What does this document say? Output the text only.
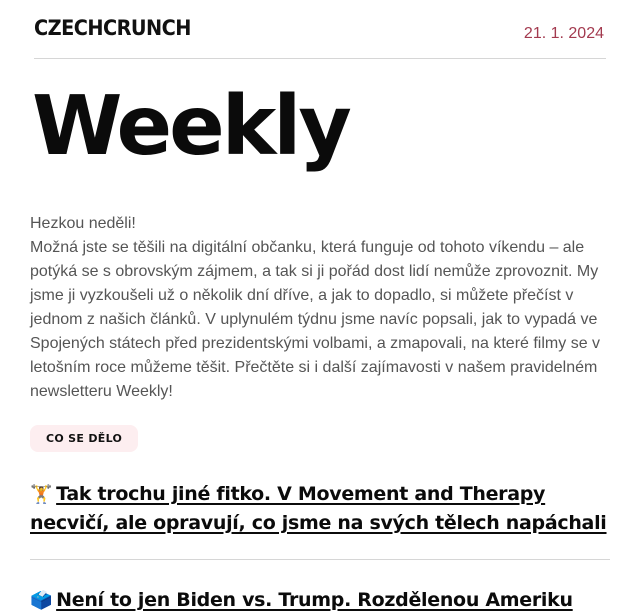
CZECHCRUNCH	21. 1. 2024
Weekly

Hezkou neděli!

Možná jste se těšili na digitální občanku, která funguje od tohoto víkendu – ale potýká se s obrovským zájmem, a tak si ji pořád dost lidí nemůže zprovoznit. My jsme ji vyzkoušeli už o několik dní dříve, a jak to dopadlo, si můžete přečíst v jednom z našich článků. V uplynulém týdnu jsme navíc popsali, jak to vypadá ve Spojených státech před prezidentskými volbami, a zmapovali, na které filmy se v letošním roce můžeme těšit. Přečtěte si i další zajímavosti v našem pravidelném newsletteru Weekly!

CO SE DĚLO
🏋️ Tak trochu jiné fitko. V Movement and Therapy necvičí, ale opravují, co jsme na svých tělech napáchali
🗳️ Není to jen Biden vs. Trump. Rozdělenou Ameriku
